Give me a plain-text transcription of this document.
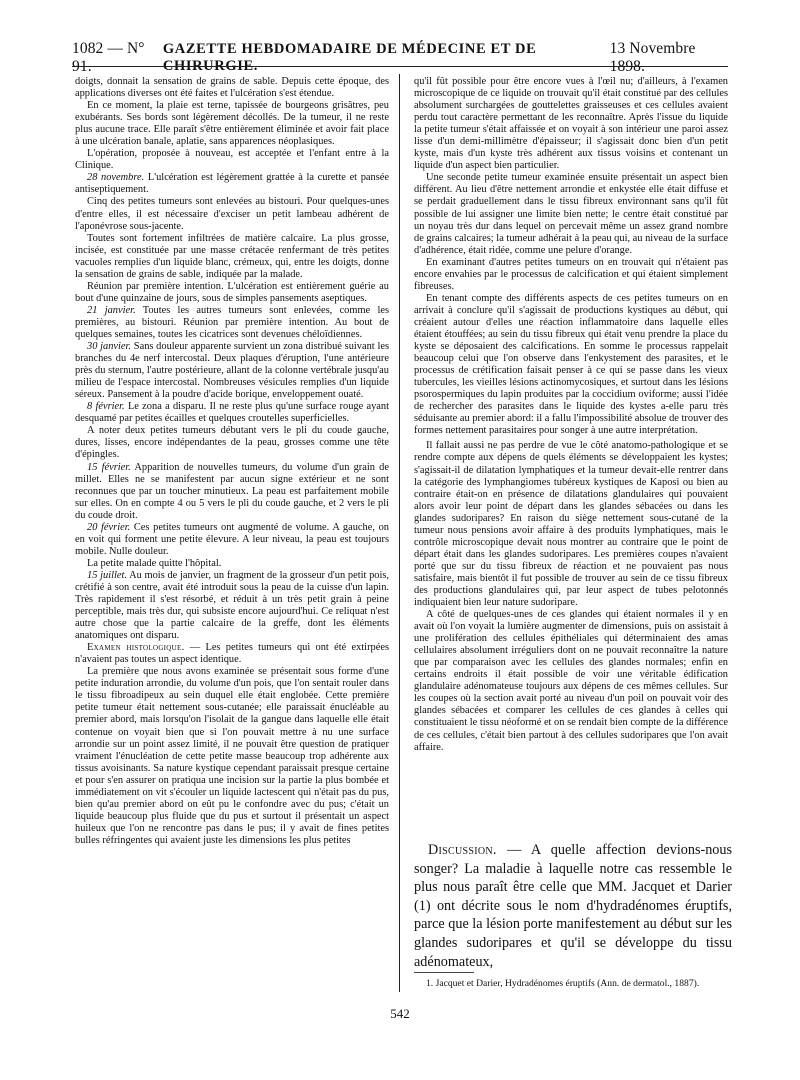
1082 — N° 91.
GAZETTE HEBDOMADAIRE DE MÉDECINE ET DE CHIRURGIE.
13 Novembre 1898.

doigts, donnait la sensation de grains de sable. Depuis cette époque, des applications diverses ont été faites et l'ulcération s'est étendue.

En ce moment, la plaie est terne, tapissée de bourgeons grisâtres, peu exubérants. Ses bords sont légèrement décollés. De la tumeur, il ne reste plus aucune trace. Elle paraît s'être entièrement éliminée et avoir fait place à une ulcération banale, aplatie, sans apparences néoplasiques.

L'opération, proposée à nouveau, est acceptée et l'enfant entre à la Clinique.

28 novembre. L'ulcération est légèrement grattée à la curette et pansée antiseptiquement.

Cinq des petites tumeurs sont enlevées au bistouri. Pour quelques-unes d'entre elles, il est nécessaire d'exciser un petit lambeau adhérent de l'aponévrose sous-jacente.

Toutes sont fortement infiltrées de matière calcaire. La plus grosse, incisée, est constituée par une masse crétacée renfermant de très petites vacuoles remplies d'un liquide blanc, crémeux, qui, entre les doigts, donne la sensation de grains de sable, indiquée par la malade.

Réunion par première intention. L'ulcération est entièrement guérie au bout d'une quinzaine de jours, sous de simples pansements aseptiques.

21 janvier. Toutes les autres tumeurs sont enlevées, comme les premières, au bistouri. Réunion par première intention. Au bout de quelques semaines, toutes les cicatrices sont devenues chéloïdiennes.

30 janvier. Sans douleur apparente survient un zona distribué suivant les branches du 4e nerf intercostal. Deux plaques d'éruption, l'une antérieure près du sternum, l'autre postérieure, allant de la colonne vertébrale jusqu'au milieu de l'espace intercostal. Nombreuses vésicules remplies d'un liquide séreux. Pansement à la poudre d'acide borique, enveloppement ouaté.

8 février. Le zona a disparu. Il ne reste plus qu'une surface rouge ayant desquamé par petites écailles et quelques croutelles superficielles.

A noter deux petites tumeurs débutant vers le pli du coude gauche, dures, lisses, encore indépendantes de la peau, grosses comme une tête d'épingles.

15 février. Apparition de nouvelles tumeurs, du volume d'un grain de millet. Elles ne se manifestent par aucun signe extérieur et ne sont reconnues que par un toucher minutieux. La peau est parfaitement mobile sur elles. On en compte 4 ou 5 vers le pli du coude gauche, et 2 vers le pli du coude droit.

20 février. Ces petites tumeurs ont augmenté de volume. A gauche, on en voit qui forment une petite élevure. A leur niveau, la peau est toujours mobile. Nulle douleur.

La petite malade quitte l'hôpital.

15 juillet. Au mois de janvier, un fragment de la grosseur d'un petit pois, crétifié à son centre, avait été introduit sous la peau de la cuisse d'un lapin. Très rapidement il s'est résorbé, et réduit à un très petit grain à peine perceptible, mais très dur, qui subsiste encore aujourd'hui. Ce reliquat n'est autre chose que la partie calcaire de la greffe, dont les éléments anatomiques ont disparu.

Examen histologique. — Les petites tumeurs qui ont été extirpées n'avaient pas toutes un aspect identique.

La première que nous avons examinée se présentait sous forme d'une petite induration arrondie, du volume d'un pois, que l'on sentait rouler dans le tissu fibroadipeux au sein duquel elle était englobée. Cette première petite tumeur était nettement sous-cutanée; elle paraissait énucléable au premier abord, mais lorsqu'on l'isolait de la gangue dans laquelle elle était contenue on voyait bien que si l'on pouvait mettre à nu une surface arrondie sur un point assez limité, il ne pouvait être question de pratiquer vraiment l'énucléation de cette petite masse beaucoup trop adhérente aux tissus avoisinants. Sa nature kystique cependant paraissait presque certaine et pour s'en assurer on pratiqua une incision sur la partie la plus bombée et immédiatement on vit s'écouler un liquide lactescent qui n'était pas du pus, bien qu'au premier abord on eût pu le confondre avec du pus; c'était un liquide beaucoup plus fluide que du pus et surtout il présentait un aspect huileux que l'on ne rencontre pas dans le pus; il y avait de fines petites bulles réfringentes qui avaient juste les dimensions les plus petites

qu'il fût possible pour être encore vues à l'œil nu; d'ailleurs, à l'examen microscopique de ce liquide on trouvait qu'il était constitué par des cellules absolument surchargées de gouttelettes graisseuses et ces cellules avaient perdu tout caractère permettant de les reconnaître. Après l'issue du liquide la petite tumeur s'était affaissée et on voyait à son intérieur une paroi assez lisse d'un demi-millimètre d'épaisseur; il s'agissait donc bien d'un petit kyste, mais d'un kyste très adhérent aux tissus voisins et contenant un liquide d'un aspect bien particulier.

Une seconde petite tumeur examinée ensuite présentait un aspect bien différent. Au lieu d'être nettement arrondie et enkystée elle était diffuse et se perdait graduellement dans le tissu fibreux environnant sans qu'il fût possible de lui assigner une limite bien nette; le centre était constitué par un noyau très dur dans lequel on percevait même un assez grand nombre de grains calcaires; la tumeur adhérait à la peau qui, au niveau de la surface d'adhérence, était ridée, comme une pelure d'orange.

En examinant d'autres petites tumeurs on en trouvait qui n'étaient pas encore envahies par le processus de calcification et qui étaient simplement fibreuses.

En tenant compte des différents aspects de ces petites tumeurs on en arrivait à conclure qu'il s'agissait de productions kystiques au début, qui créaient autour d'elles une réaction inflammatoire dans laquelle elles étaient étouffées; au sein du tissu fibreux qui était venu prendre la place du kyste se déposaient des calcifications. En somme le processus rappelait beaucoup celui que l'on observe dans l'enkystement des parasites, et le processus de crétification faisait penser à ce qui se passe dans les vieux tubercules, les vieilles lésions actinomycosiques, et surtout dans les lésions psorospermiques du lapin produites par la coccidium oviforme; aussi l'idée de rechercher des parasites dans le liquide des kystes a-elle paru très séduisante au premier abord: il a fallu l'impossibilité absolue de trouver des formes nettement parasitaires pour songer à une autre interprétation.

Il fallait aussi ne pas perdre de vue le côté anatomo-pathologique et se rendre compte aux dépens de quels éléments se développaient les kystes; s'agissait-il de dilatation lymphatiques et la tumeur devait-elle rentrer dans la catégorie des lymphangiomes tubéreux kystiques de Kaposi ou bien au contraire était-on en présence de dilatations glandulaires qui pouvaient alors avoir leur point de départ dans les glandes sébacées ou dans les glandes sudoripares? En raison du siège nettement sous-cutané de la tumeur nous pensions avoir affaire à des produits lymphatiques, mais le contrôle microscopique devait nous montrer au contraire que le point de départ était dans les glandes sudoripares. Les premières coupes n'avaient porté que sur du tissu fibreux de réaction et ne pouvaient pas nous satisfaire, mais bientôt il fut possible de trouver au sein de ce tissu fibreux des productions glandulaires qui, par leur aspect de tubes pelotonnés indiquaient bien leur nature sudoripare.

A côté de quelques-unes de ces glandes qui étaient normales il y en avait où l'on voyait la lumière augmenter de dimensions, puis on assistait à une prolifération des cellules épithéliales qui déterminaient des amas cellulaires absolument irréguliers dont on ne pouvait reconnaître la nature que par comparaison avec les cellules des glandes normales; enfin en certains endroits il était possible de voir une véritable édification glandulaire adénomateuse toujours aux dépens de ces mêmes cellules. Sur les coupes où la section avait porté au niveau d'un poil on pouvait voir des glandes sébacées et comparer les cellules de ces glandes à celles qui constituaient le tissu néoformé et on se rendait bien compte de la différence de ces cellules, c'était bien partout à des cellules sudoripares que l'on avait affaire.

Discussion. — A quelle affection devions-nous songer? La maladie à laquelle notre cas ressemble le plus nous paraît être celle que MM. Jacquet et Darier (1) ont décrite sous le nom d'hydradénomes éruptifs, parce que la lésion porte manifestement au début sur les glandes sudoripares et qu'il se développe du tissu adénomateux,

1. Jacquet et Darier, Hydradénomes éruptifs (Ann. de dermatol., 1887).
542
